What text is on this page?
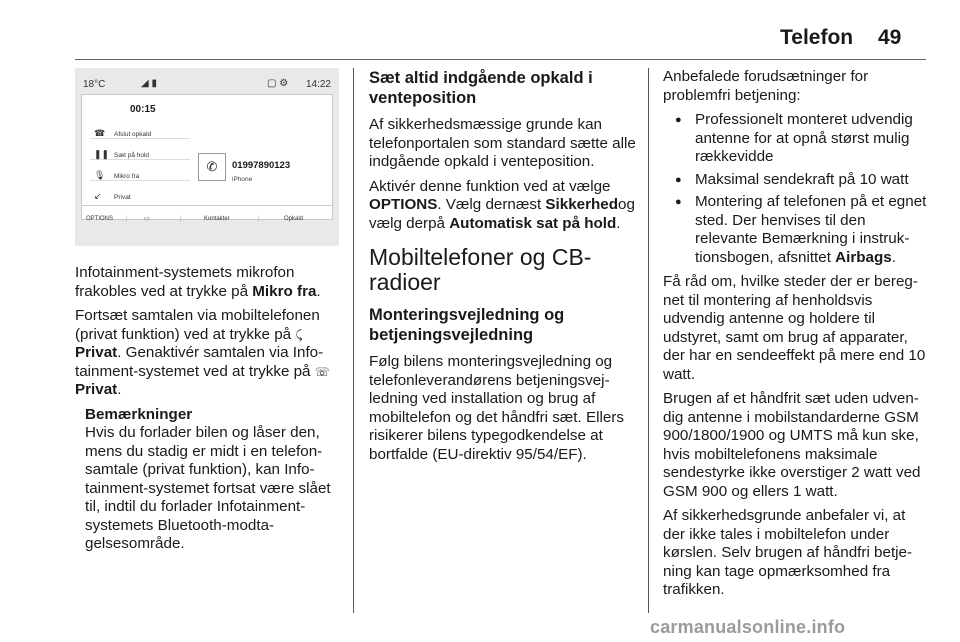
Telefon 49
18°C	◢ ▮	▢ ⚙ 14:22
00:15
☎ Afslut opkald
❚❚ Sæt på hold
🎙 Mikro fra
↙ Privat
✆	01997890123
iPhone
OPTIONS |	▭	|	Kontakter	|	Opkald

Infotainment-systemets mikrofon frakobles ved at trykke på Mikro fra.

Fortsæt samtalen via mobiltelefonen (privat funktion) ved at trykke på ⤹
Privat. Genaktivér samtalen via Infotainment-systemet ved at trykke på ☏
Privat.

Bemærkninger
Hvis du forlader bilen og låser den, mens du stadig er midt i en telefonsamtale (privat funktion), kan Infotainment-systemet fortsat være slået til, indtil du forlader Infotainment-systemets Bluetooth-modtagelsesområde.
Sæt altid indgående opkald i venteposition

Af sikkerhedsmæssige grunde kan telefonportalen som standard sætte alle indgående opkald i venteposition.

Aktivér denne funktion ved at vælge OPTIONS. Vælg dernæst Sikkerhedog vælg derpå Automatisk sat på hold.

Mobiltelefoner og CB-radioer
Monteringsvejledning og betjeningsvejledning

Følg bilens monteringsvejledning og telefonleverandørens betjeningsvejledning ved installation og brug af mobiltelefon og det håndfri sæt. Ellers risikerer bilens typegodkendelse at bortfalde (EU-direktiv 95/54/EF).

Anbefalede forudsætninger for problemfri betjening:

● Professionelt monteret udvendig antenne for at opnå størst mulig rækkevidde
● Maksimal sendekraft på 10 watt
● Montering af telefonen på et egnet sted. Der henvises til den relevante Bemærkning i instruktionsbogen, afsnittet Airbags.

Få råd om, hvilke steder der er beregnet til montering af henholdsvis udvendig antenne og holdere til udstyret, samt om brug af apparater, der har en sendeeffekt på mere end 10 watt.

Brugen af et håndfrit sæt uden udvendig antenne i mobilstandarderne GSM 900/1800/1900 og UMTS må kun ske, hvis mobiltelefonens maksimale sendestyrke ikke overstiger 2 watt ved GSM 900 og ellers 1 watt.

Af sikkerhedsgrunde anbefaler vi, at der ikke tales i mobiltelefon under kørslen. Selv brugen af håndfri betjening kan tage opmærksomhed fra trafikken.

carmanualsonline.info
